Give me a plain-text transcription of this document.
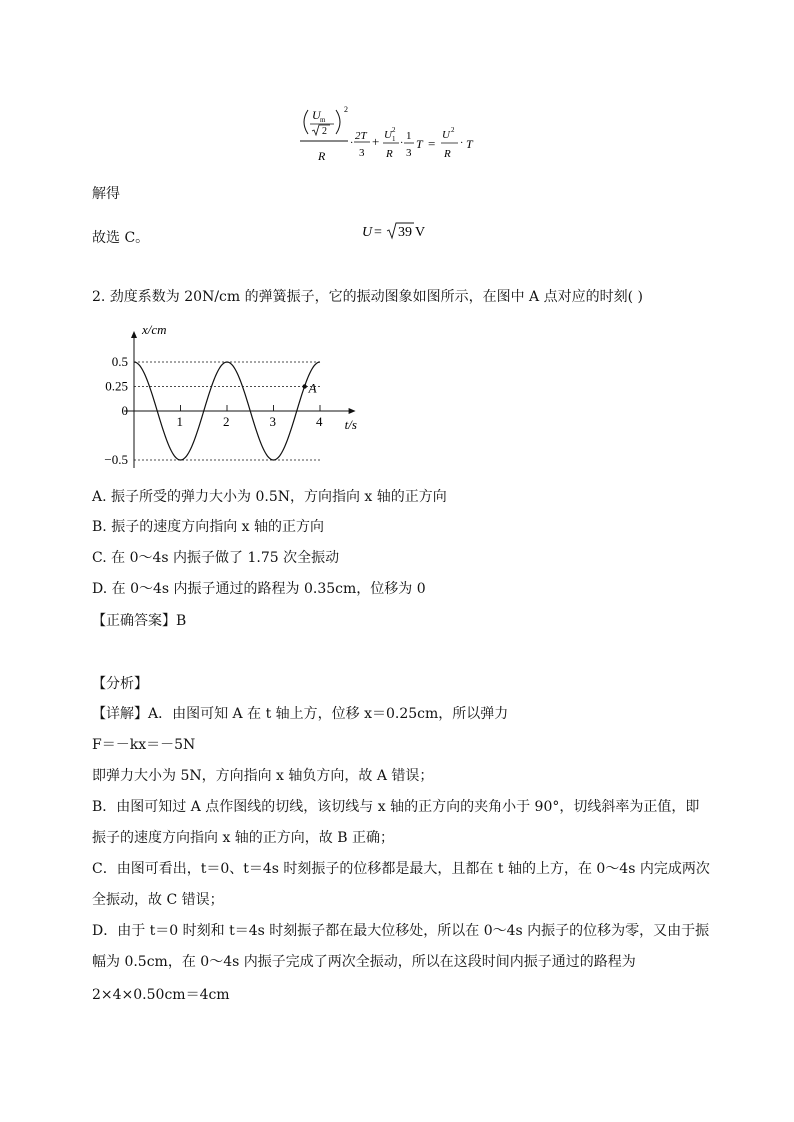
U m
2
2
R
·
2T
3
+ U 2
1
R
·
1
3
T =
U 2
R
· T
解得
U = 39 V
故选 C。
2. 劲度系数为 20N/cm 的弹簧振子，它的振动图象如图所示，在图中 A 点对应的时刻( )
x/cm
t/s
1	2	3	4
0.5
0.25
0
−0.5
A
A. 振子所受的弹力大小为 0.5N，方向指向 x 轴的正方向
B. 振子的速度方向指向 x 轴的正方向
C. 在 0～4s 内振子做了 1.75 次全振动
D. 在 0～4s 内振子通过的路程为 0.35cm，位移为 0
【正确答案】B
【分析】
【详解】A．由图可知 A 在 t 轴上方，位移 x＝0.25cm，所以弹力
F＝－kx＝－5N
即弹力大小为 5N，方向指向 x 轴负方向，故 A 错误；
B．由图可知过 A 点作图线的切线，该切线与 x 轴的正方向的夹角小于 90°，切线斜率为正值，即
振子的速度方向指向 x 轴的正方向，故 B 正确；
C．由图可看出，t＝0、t＝4s 时刻振子的位移都是最大，且都在 t 轴的上方，在 0～4s 内完成两次
全振动，故 C 错误；
D．由于 t＝0 时刻和 t＝4s 时刻振子都在最大位移处，所以在 0～4s 内振子的位移为零，又由于振
幅为 0.5cm，在 0～4s 内振子完成了两次全振动，所以在这段时间内振子通过的路程为
2×4×0.50cm＝4cm
